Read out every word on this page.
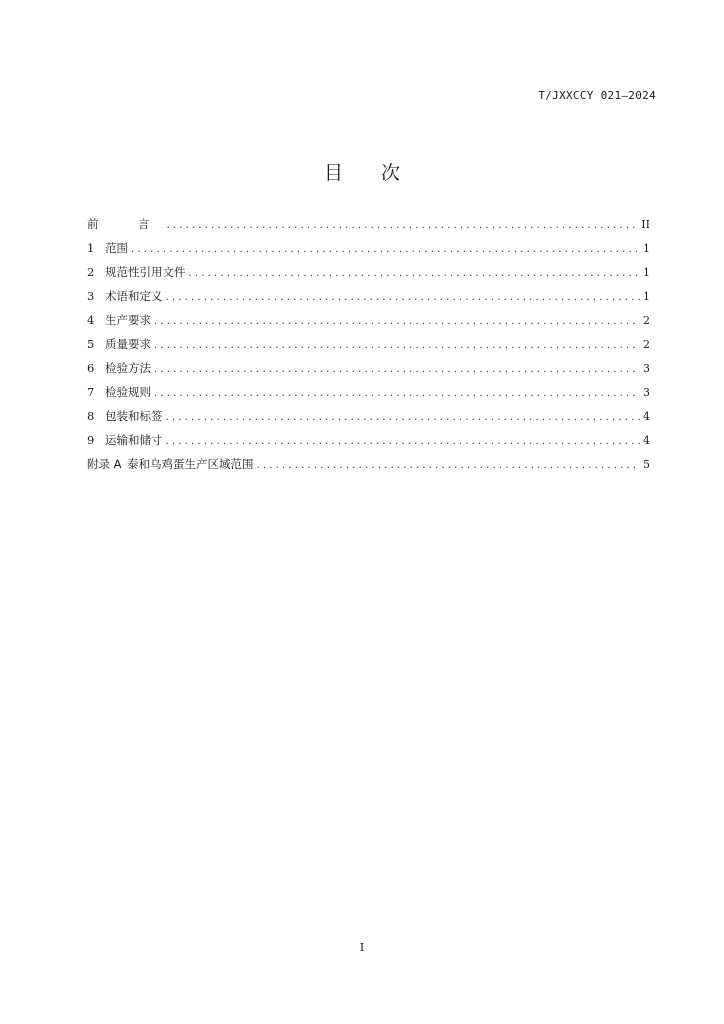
T/JXXCCY 021—2024
目 次
前　言 .....	II
1 范围 .....	1
2 规范性引用文件 .....	1
3 术语和定义 .....	1
4 生产要求 .....	2
5 质量要求 .....	2
6 检验方法 .....	3
7 检验规则 .....	3
8 包装和标签 .....	4
9 运输和储寸 .....	4
附录 A 泰和乌鸡蛋生产区域范围 .....	5
I
